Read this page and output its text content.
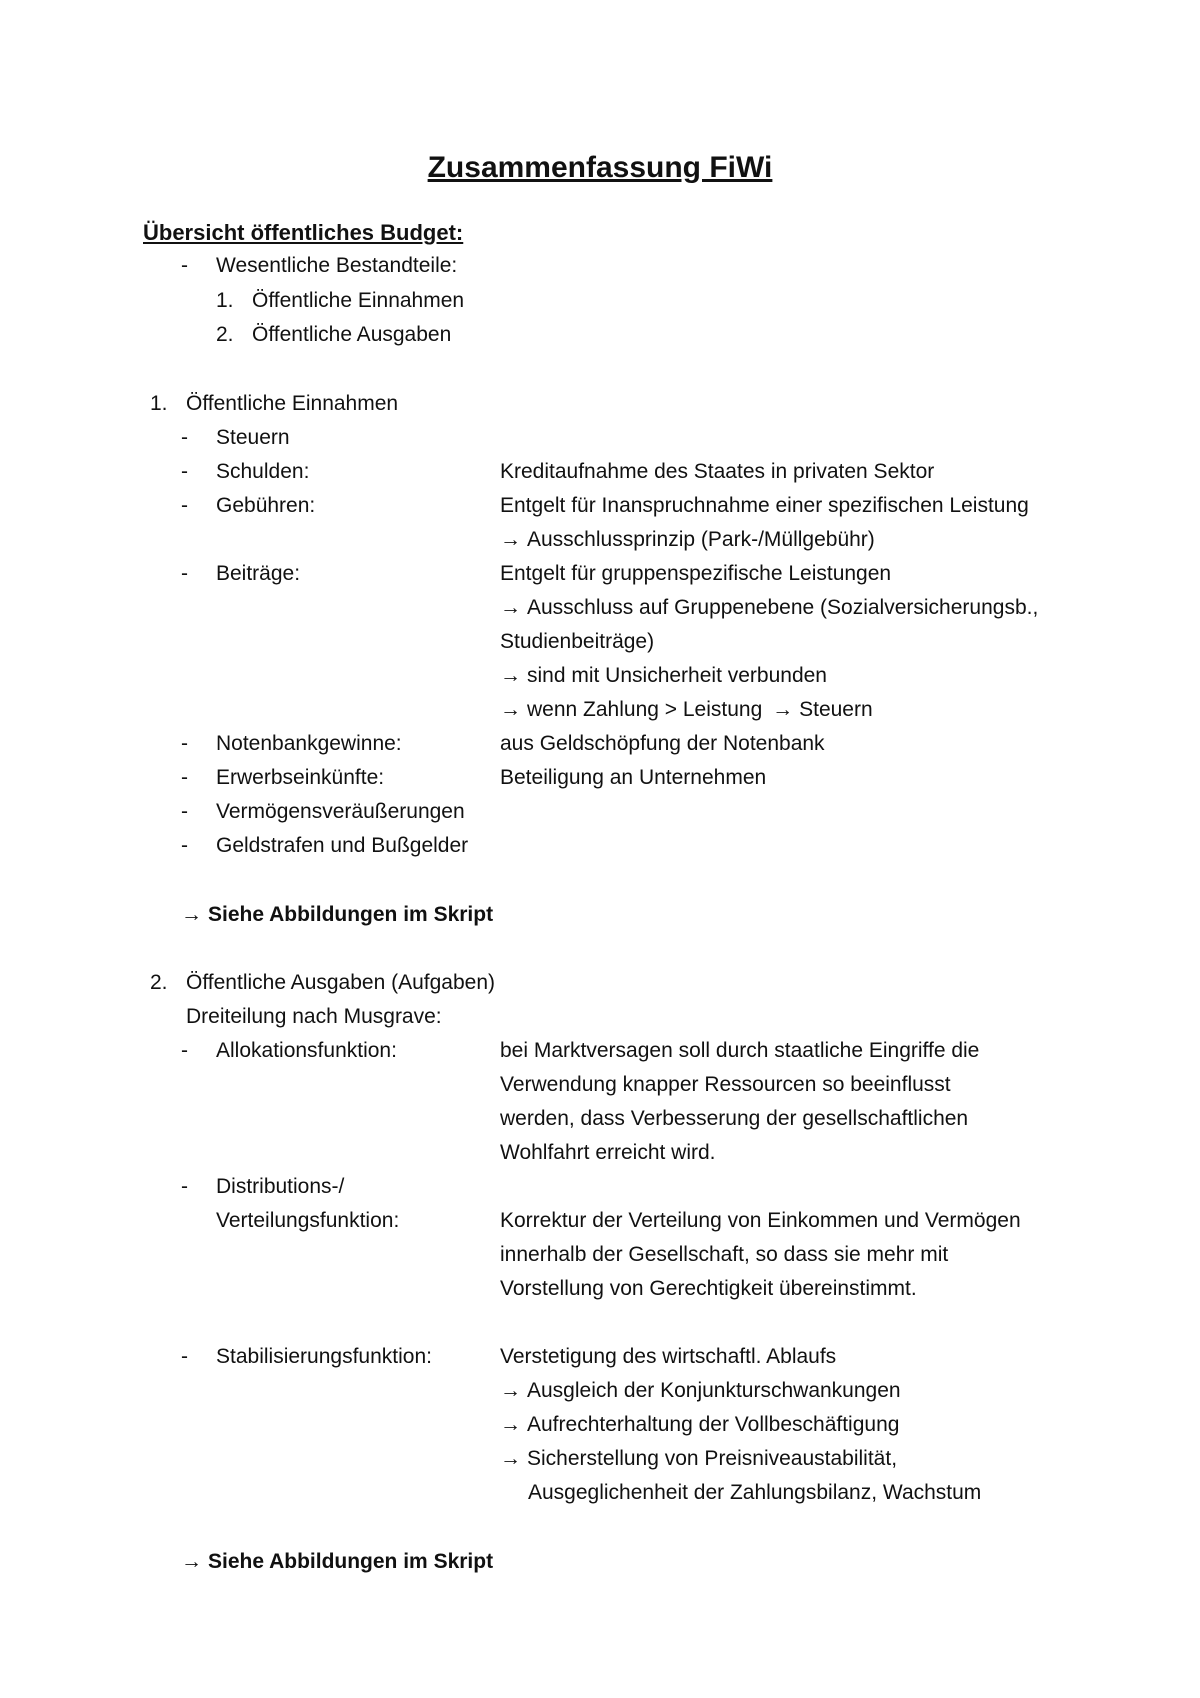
Zusammenfassung FiWi
Übersicht öffentliches Budget:
- Wesentliche Bestandteile:
1. Öffentliche Einnahmen
2. Öffentliche Ausgaben
1. Öffentliche Einnahmen
- Steuern
- Schulden:	Kreditaufnahme des Staates in privaten Sektor
- Gebühren:	Entgelt für Inanspruchnahme einer spezifischen Leistung
→ Ausschlussprinzip (Park-/Müllgebühr)
- Beiträge:	Entgelt für gruppenspezifische Leistungen
→ Ausschluss auf Gruppenebene (Sozialversicherungsb.,
Studienbeiträge)
→ sind mit Unsicherheit verbunden
→ wenn Zahlung > Leistung → Steuern
- Notenbankgewinne:	aus Geldschöpfung der Notenbank
- Erwerbseinkünfte:	Beteiligung an Unternehmen
- Vermögensveräußerungen
- Geldstrafen und Bußgelder
→ Siehe Abbildungen im Skript
2. Öffentliche Ausgaben (Aufgaben)
Dreiteilung nach Musgrave:
- Allokationsfunktion:	bei Marktversagen soll durch staatliche Eingriffe die
Verwendung knapper Ressourcen so beeinflusst
werden, dass Verbesserung der gesellschaftlichen
Wohlfahrt erreicht wird.
- Distributions-/
Verteilungsfunktion:	Korrektur der Verteilung von Einkommen und Vermögen
innerhalb der Gesellschaft, so dass sie mehr mit
Vorstellung von Gerechtigkeit übereinstimmt.
- Stabilisierungsfunktion:	Verstetigung des wirtschaftl. Ablaufs
→ Ausgleich der Konjunkturschwankungen
→ Aufrechterhaltung der Vollbeschäftigung
→ Sicherstellung von Preisniveaustabilität,
Ausgeglichenheit der Zahlungsbilanz, Wachstum
→ Siehe Abbildungen im Skript
